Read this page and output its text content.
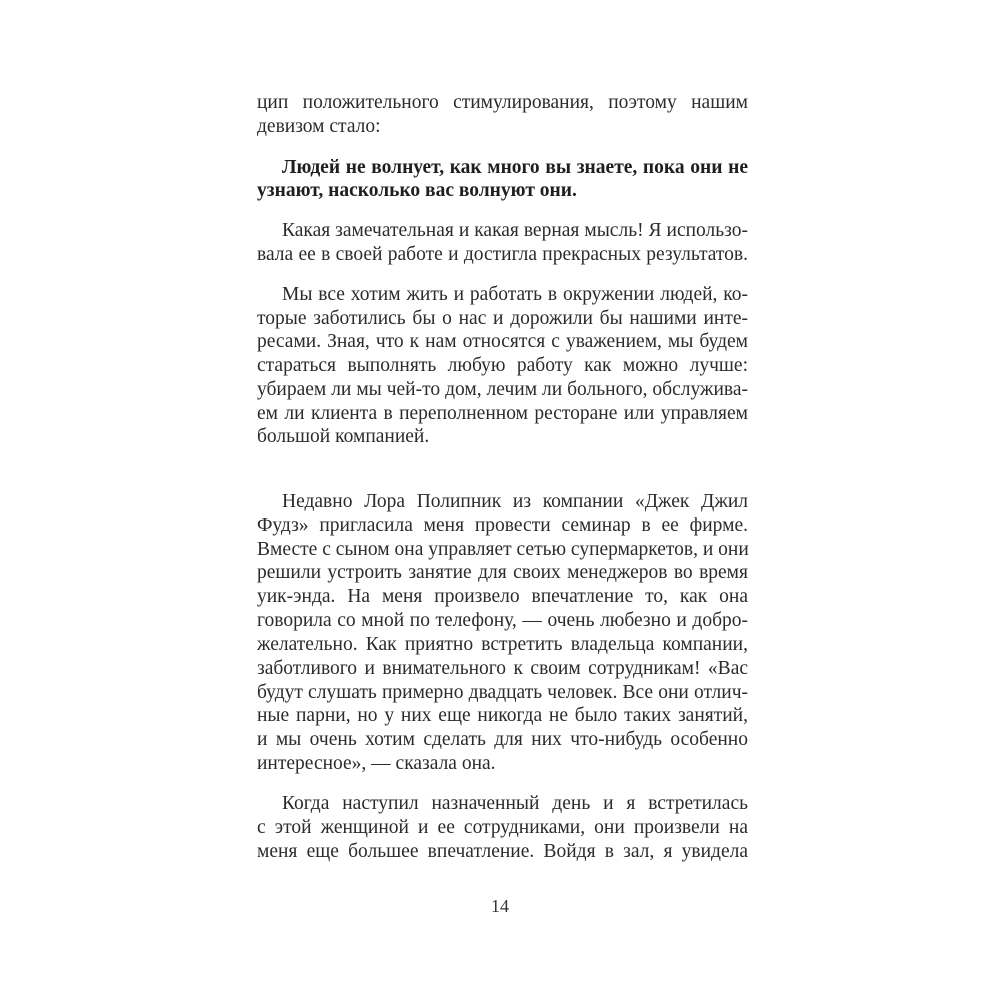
цип положительного стимулирования, поэтому нашим
девизом стало:
Людей не волнует, как много вы знаете, пока они не
узнают, насколько вас волнуют они.
Какая замечательная и какая верная мысль! Я использо-
вала ее в своей работе и достигла прекрасных результатов.
Мы все хотим жить и работать в окружении людей, ко-
торые заботились бы о нас и дорожили бы нашими инте-
ресами. Зная, что к нам относятся с уважением, мы будем
стараться выполнять любую работу как можно лучше:
убираем ли мы чей-то дом, лечим ли больного, обслужива-
ем ли клиента в переполненном ресторане или управляем
большой компанией.
Недавно Лора Полипник из компании «Джек Джил
Фудз» пригласила меня провести семинар в ее фирме.
Вместе с сыном она управляет сетью супермаркетов, и они
решили устроить занятие для своих менеджеров во время
уик-энда. На меня произвело впечатление то, как она
говорила со мной по телефону, — очень любезно и добро-
желательно. Как приятно встретить владельца компании,
заботливого и внимательного к своим сотрудникам! «Вас
будут слушать примерно двадцать человек. Все они отлич-
ные парни, но у них еще никогда не было таких занятий,
и мы очень хотим сделать для них что-нибудь особенно
интересное», — сказала она.
Когда наступил назначенный день и я встретилась
с этой женщиной и ее сотрудниками, они произвели на
меня еще большее впечатление. Войдя в зал, я увидела
14
